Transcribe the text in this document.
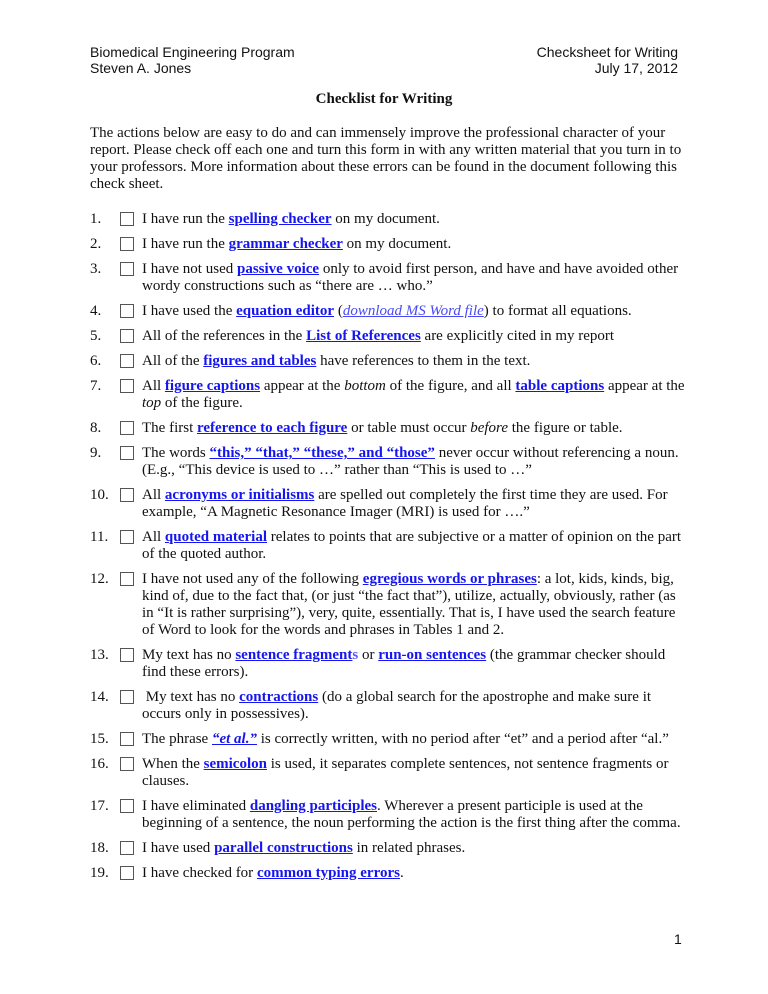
Biomedical Engineering Program
Steven A. Jones
Checksheet for Writing
July 17, 2012
Checklist for Writing

The actions below are easy to do and can immensely improve the professional character of your report. Please check off each one and turn this form in with any written material that you turn in to your professors. More information about these errors can be found in the document following this check sheet.

1.	I have run the spelling checker on my document.
2.	I have run the grammar checker on my document.
3.	I have not used passive voice only to avoid first person, and have and have avoided other wordy constructions such as “there are … who.”
4.	I have used the equation editor (download MS Word file) to format all equations.
5.	All of the references in the List of References are explicitly cited in my report
6.	All of the figures and tables have references to them in the text.
7.	All figure captions appear at the bottom of the figure, and all table captions appear at the top of the figure.
8.	The first reference to each figure or table must occur before the figure or table.
9.	The words “this,” “that,” “these,” and “those” never occur without referencing a noun. (E.g., “This device is used to …” rather than “This is used to …”
10. All acronyms or initialisms are spelled out completely the first time they are used. For example, “A Magnetic Resonance Imager (MRI) is used for ….”
11. All quoted material relates to points that are subjective or a matter of opinion on the part of the quoted author.
12. I have not used any of the following egregious words or phrases: a lot, kids, kinds, big, kind of, due to the fact that, (or just “the fact that”), utilize, actually, obviously, rather (as in “It is rather surprising”), very, quite, essentially. That is, I have used the search feature of Word to look for the words and phrases in Tables 1 and 2.
13. My text has no sentence fragments or run-on sentences (the grammar checker should find these errors).
14. My text has no contractions (do a global search for the apostrophe and make sure it occurs only in possessives).
15. The phrase “et al.” is correctly written, with no period after “et” and a period after “al.”
16. When the semicolon is used, it separates complete sentences, not sentence fragments or clauses.
17. I have eliminated dangling participles. Wherever a present participle is used at the beginning of a sentence, the noun performing the action is the first thing after the comma.
18. I have used parallel constructions in related phrases.
19. I have checked for common typing errors.
1
